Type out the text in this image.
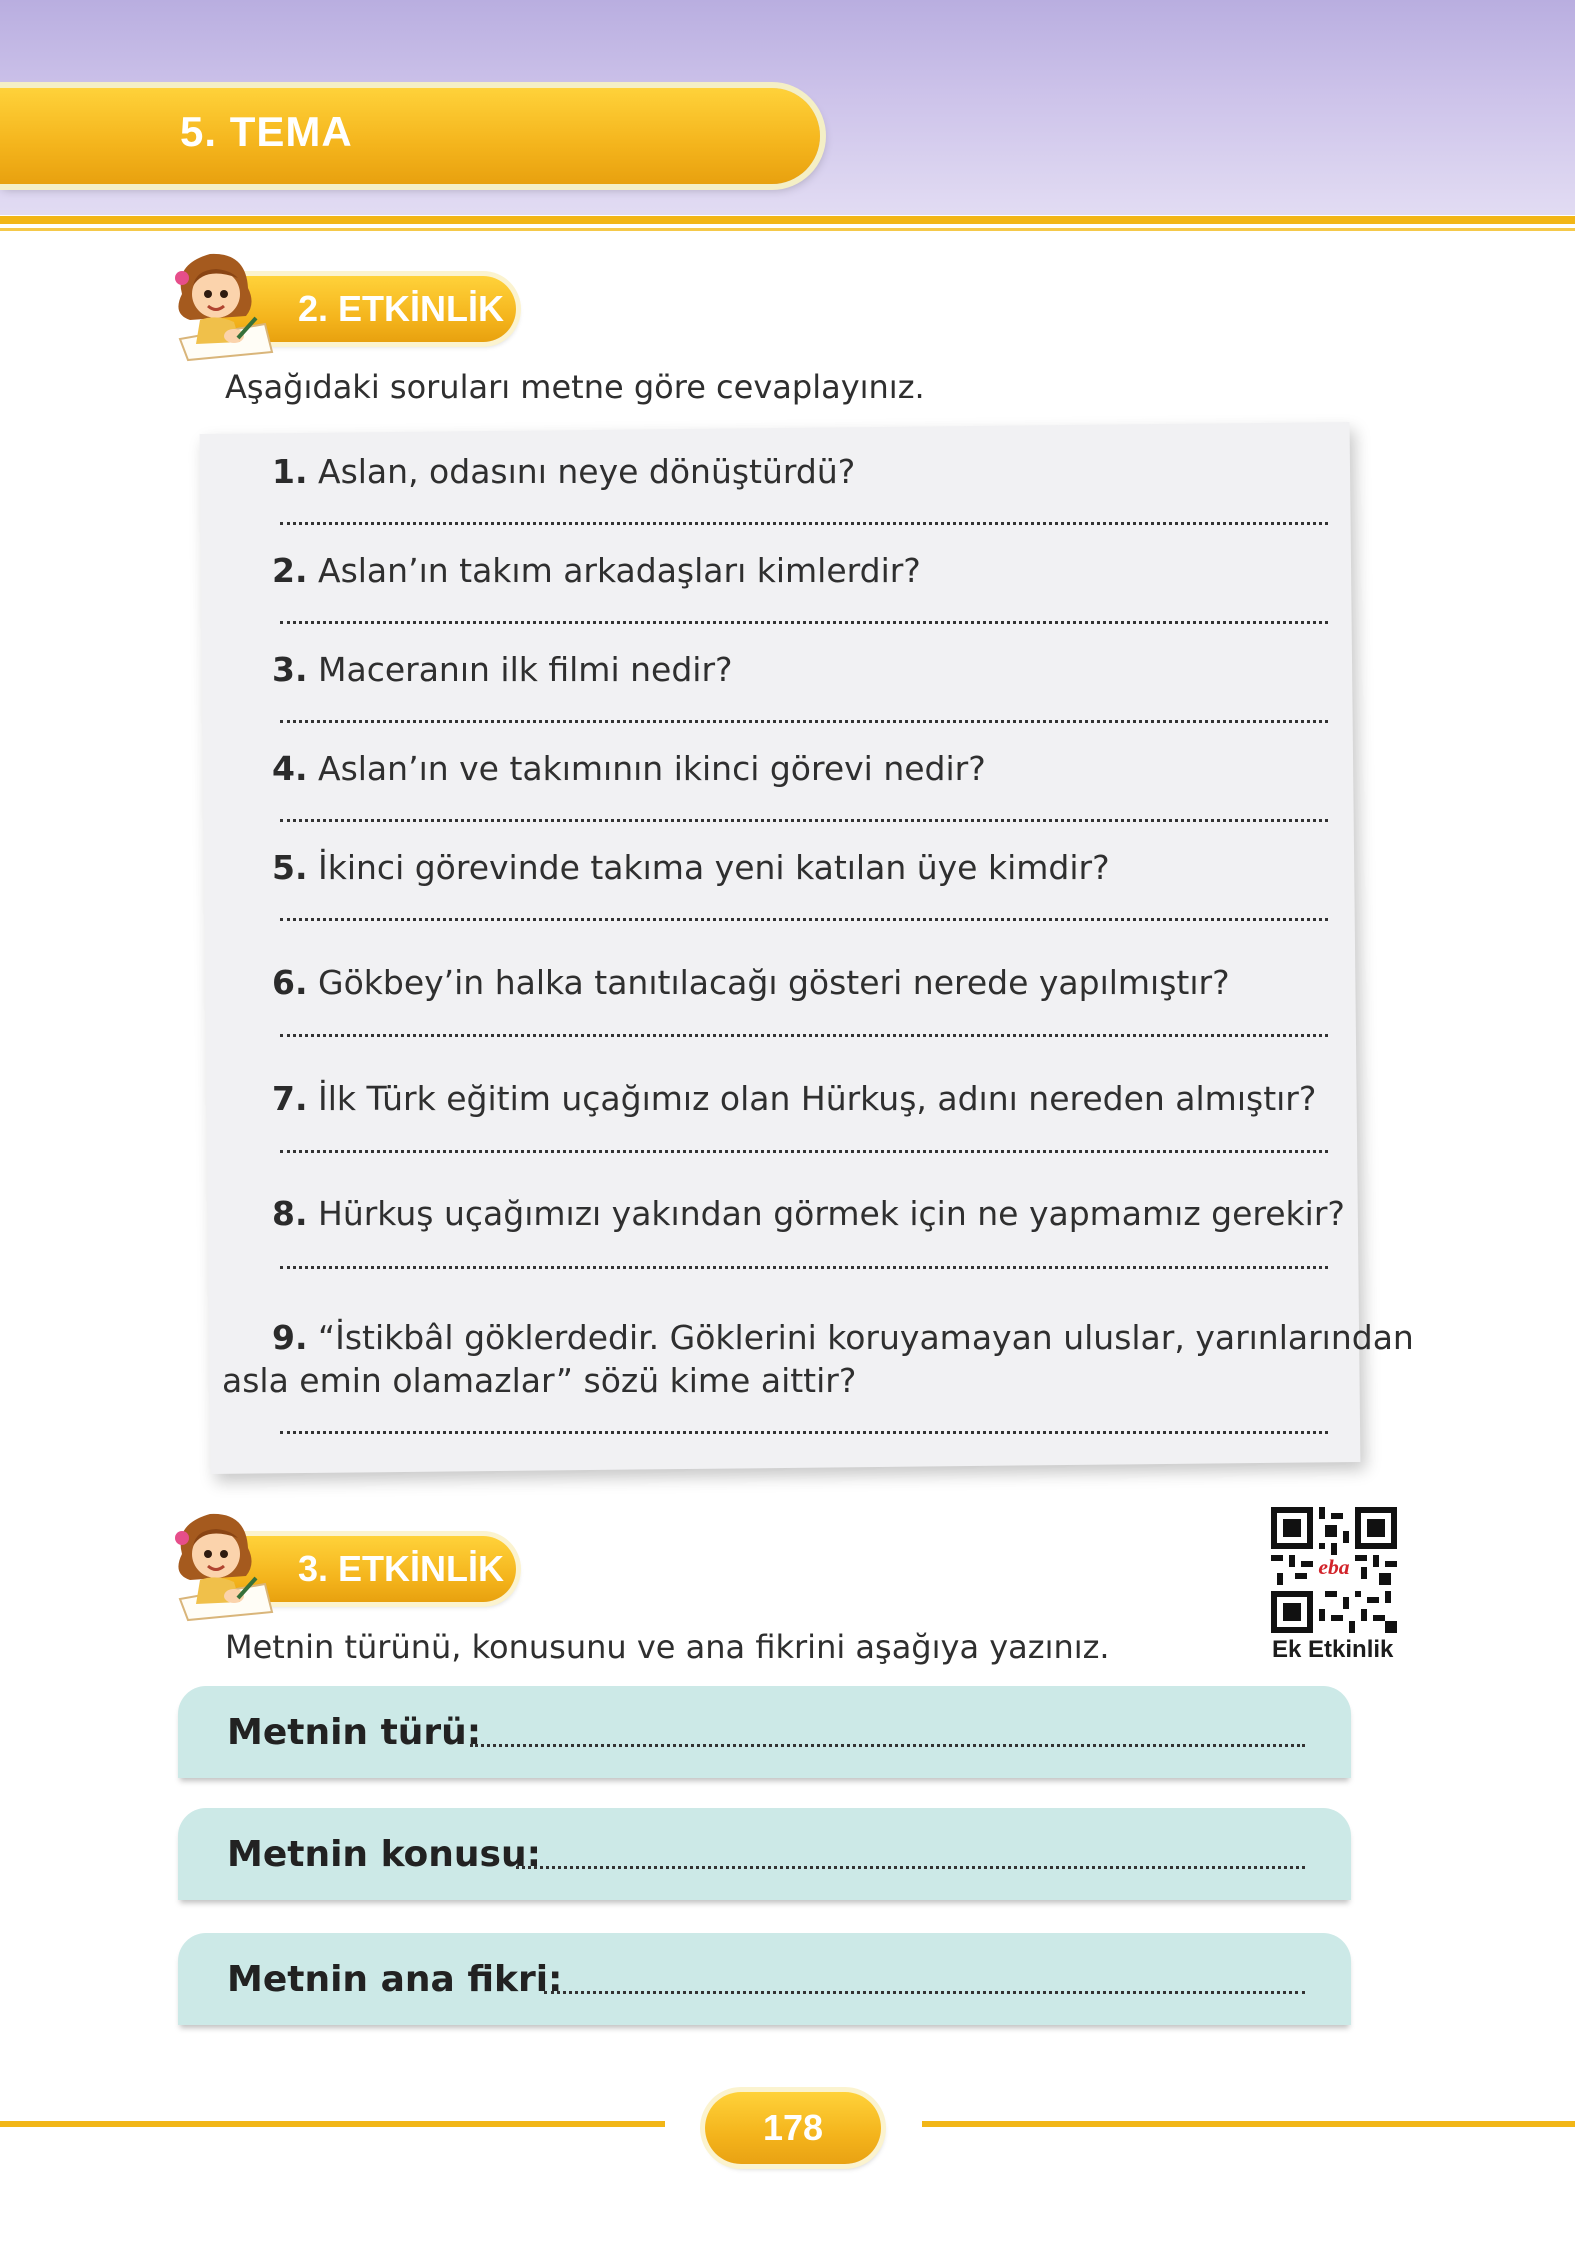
5. TEMA
2. ETKİNLİK
Aşağıdaki soruları metne göre cevaplayınız.
1. Aslan, odasını neye dönüştürdü?
2. Aslan’ın takım arkadaşları kimlerdir?
3. Maceranın ilk filmi nedir?
4. Aslan’ın ve takımının ikinci görevi nedir?
5. İkinci görevinde takıma yeni katılan üye kimdir?
6. Gökbey’in halka tanıtılacağı gösteri nerede yapılmıştır?
7. İlk Türk eğitim uçağımız olan Hürkuş, adını nereden almıştır?
8. Hürkuş uçağımızı yakından görmek için ne yapmamız gerekir?
9. “İstikbâl göklerdedir. Göklerini koruyamayan uluslar, yarınlarından
asla emin olamazlar” sözü kime aittir?
3. ETKİNLİK
Metnin türünü, konusunu ve ana fikrini aşağıya yazınız.
eba
Ek Etkinlik
Metnin türü:
Metnin konusu:
Metnin ana fikri:
178
